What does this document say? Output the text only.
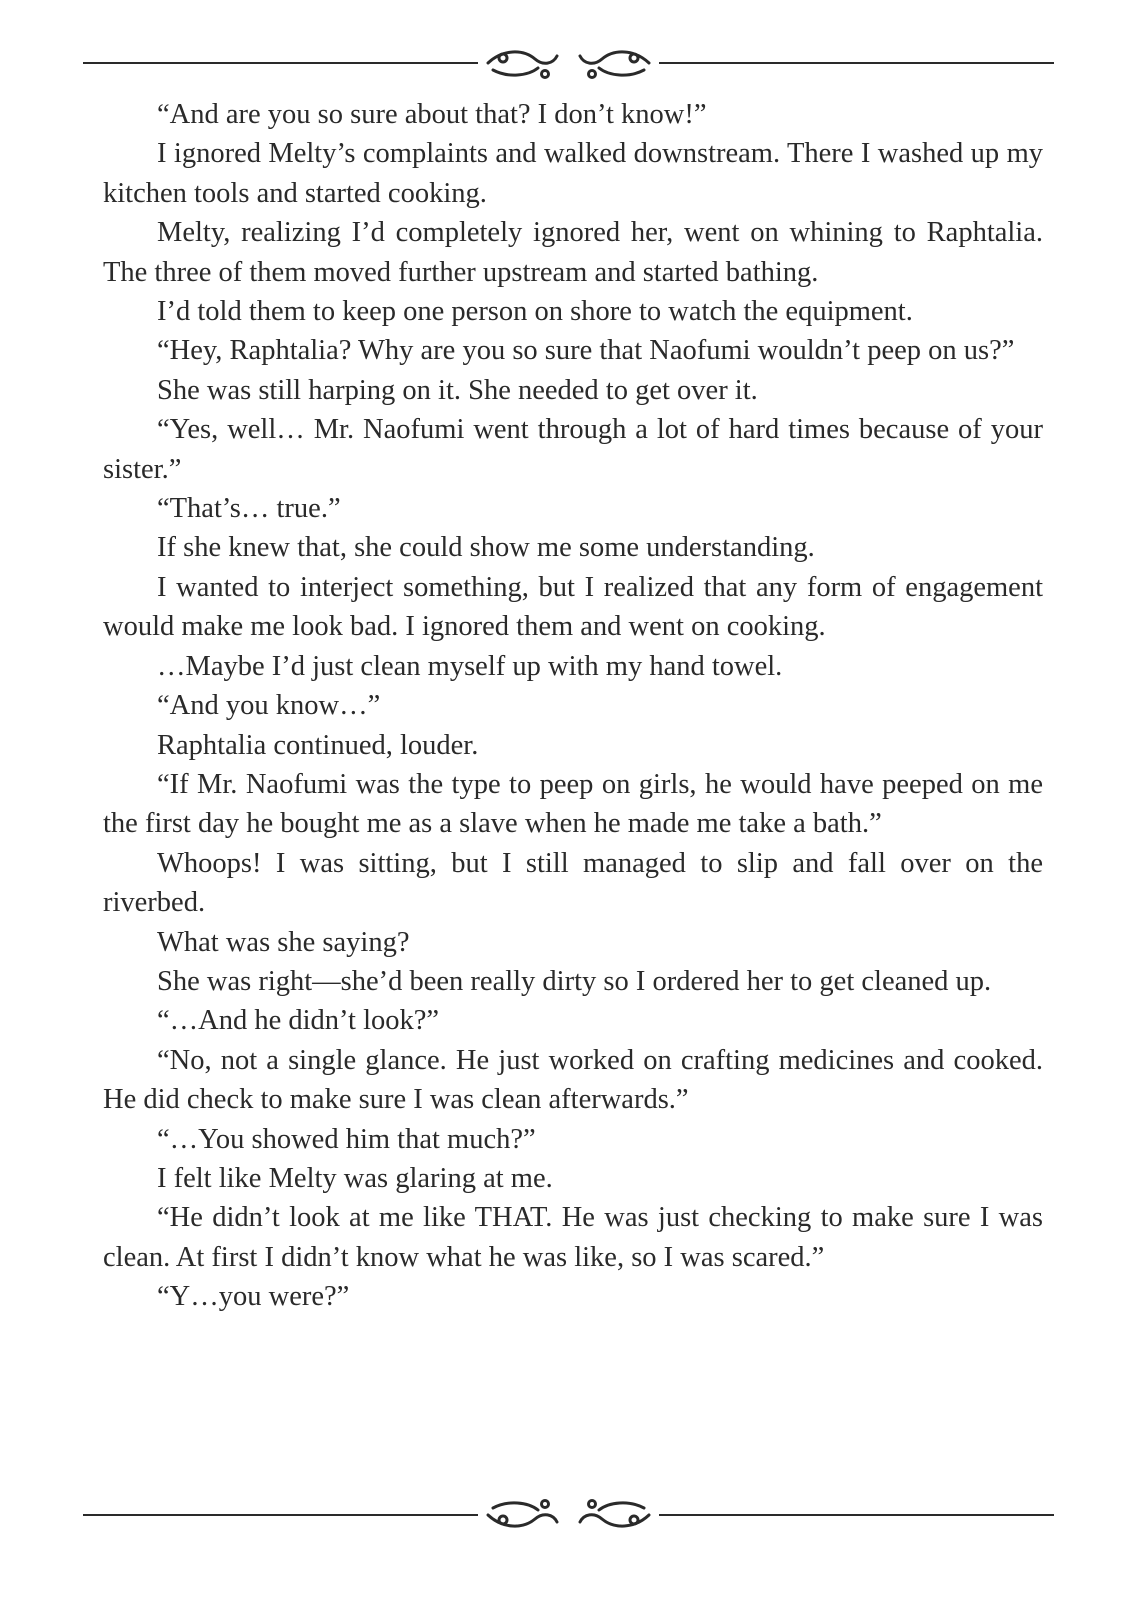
“And are you so sure about that? I don’t know!”

I ignored Melty’s complaints and walked downstream. There I washed up my kitchen tools and started cooking.

Melty, realizing I’d completely ignored her, went on whining to Raphtalia. The three of them moved further upstream and started bathing.

I’d told them to keep one person on shore to watch the equipment.

“Hey, Raphtalia? Why are you so sure that Naofumi wouldn’t peep on us?”

She was still harping on it. She needed to get over it.

“Yes, well… Mr. Naofumi went through a lot of hard times because of your sister.”

“That’s… true.”

If she knew that, she could show me some understanding.

I wanted to interject something, but I realized that any form of engagement would make me look bad. I ignored them and went on cooking.

…Maybe I’d just clean myself up with my hand towel.

“And you know…”

Raphtalia continued, louder.

“If Mr. Naofumi was the type to peep on girls, he would have peeped on me the first day he bought me as a slave when he made me take a bath.”

Whoops! I was sitting, but I still managed to slip and fall over on the riverbed.

What was she saying?

She was right—she’d been really dirty so I ordered her to get cleaned up.

“…And he didn’t look?”

“No, not a single glance. He just worked on crafting medicines and cooked. He did check to make sure I was clean afterwards.”

“…You showed him that much?”

I felt like Melty was glaring at me.

“He didn’t look at me like THAT. He was just checking to make sure I was clean. At first I didn’t know what he was like, so I was scared.”

“Y…you were?”
